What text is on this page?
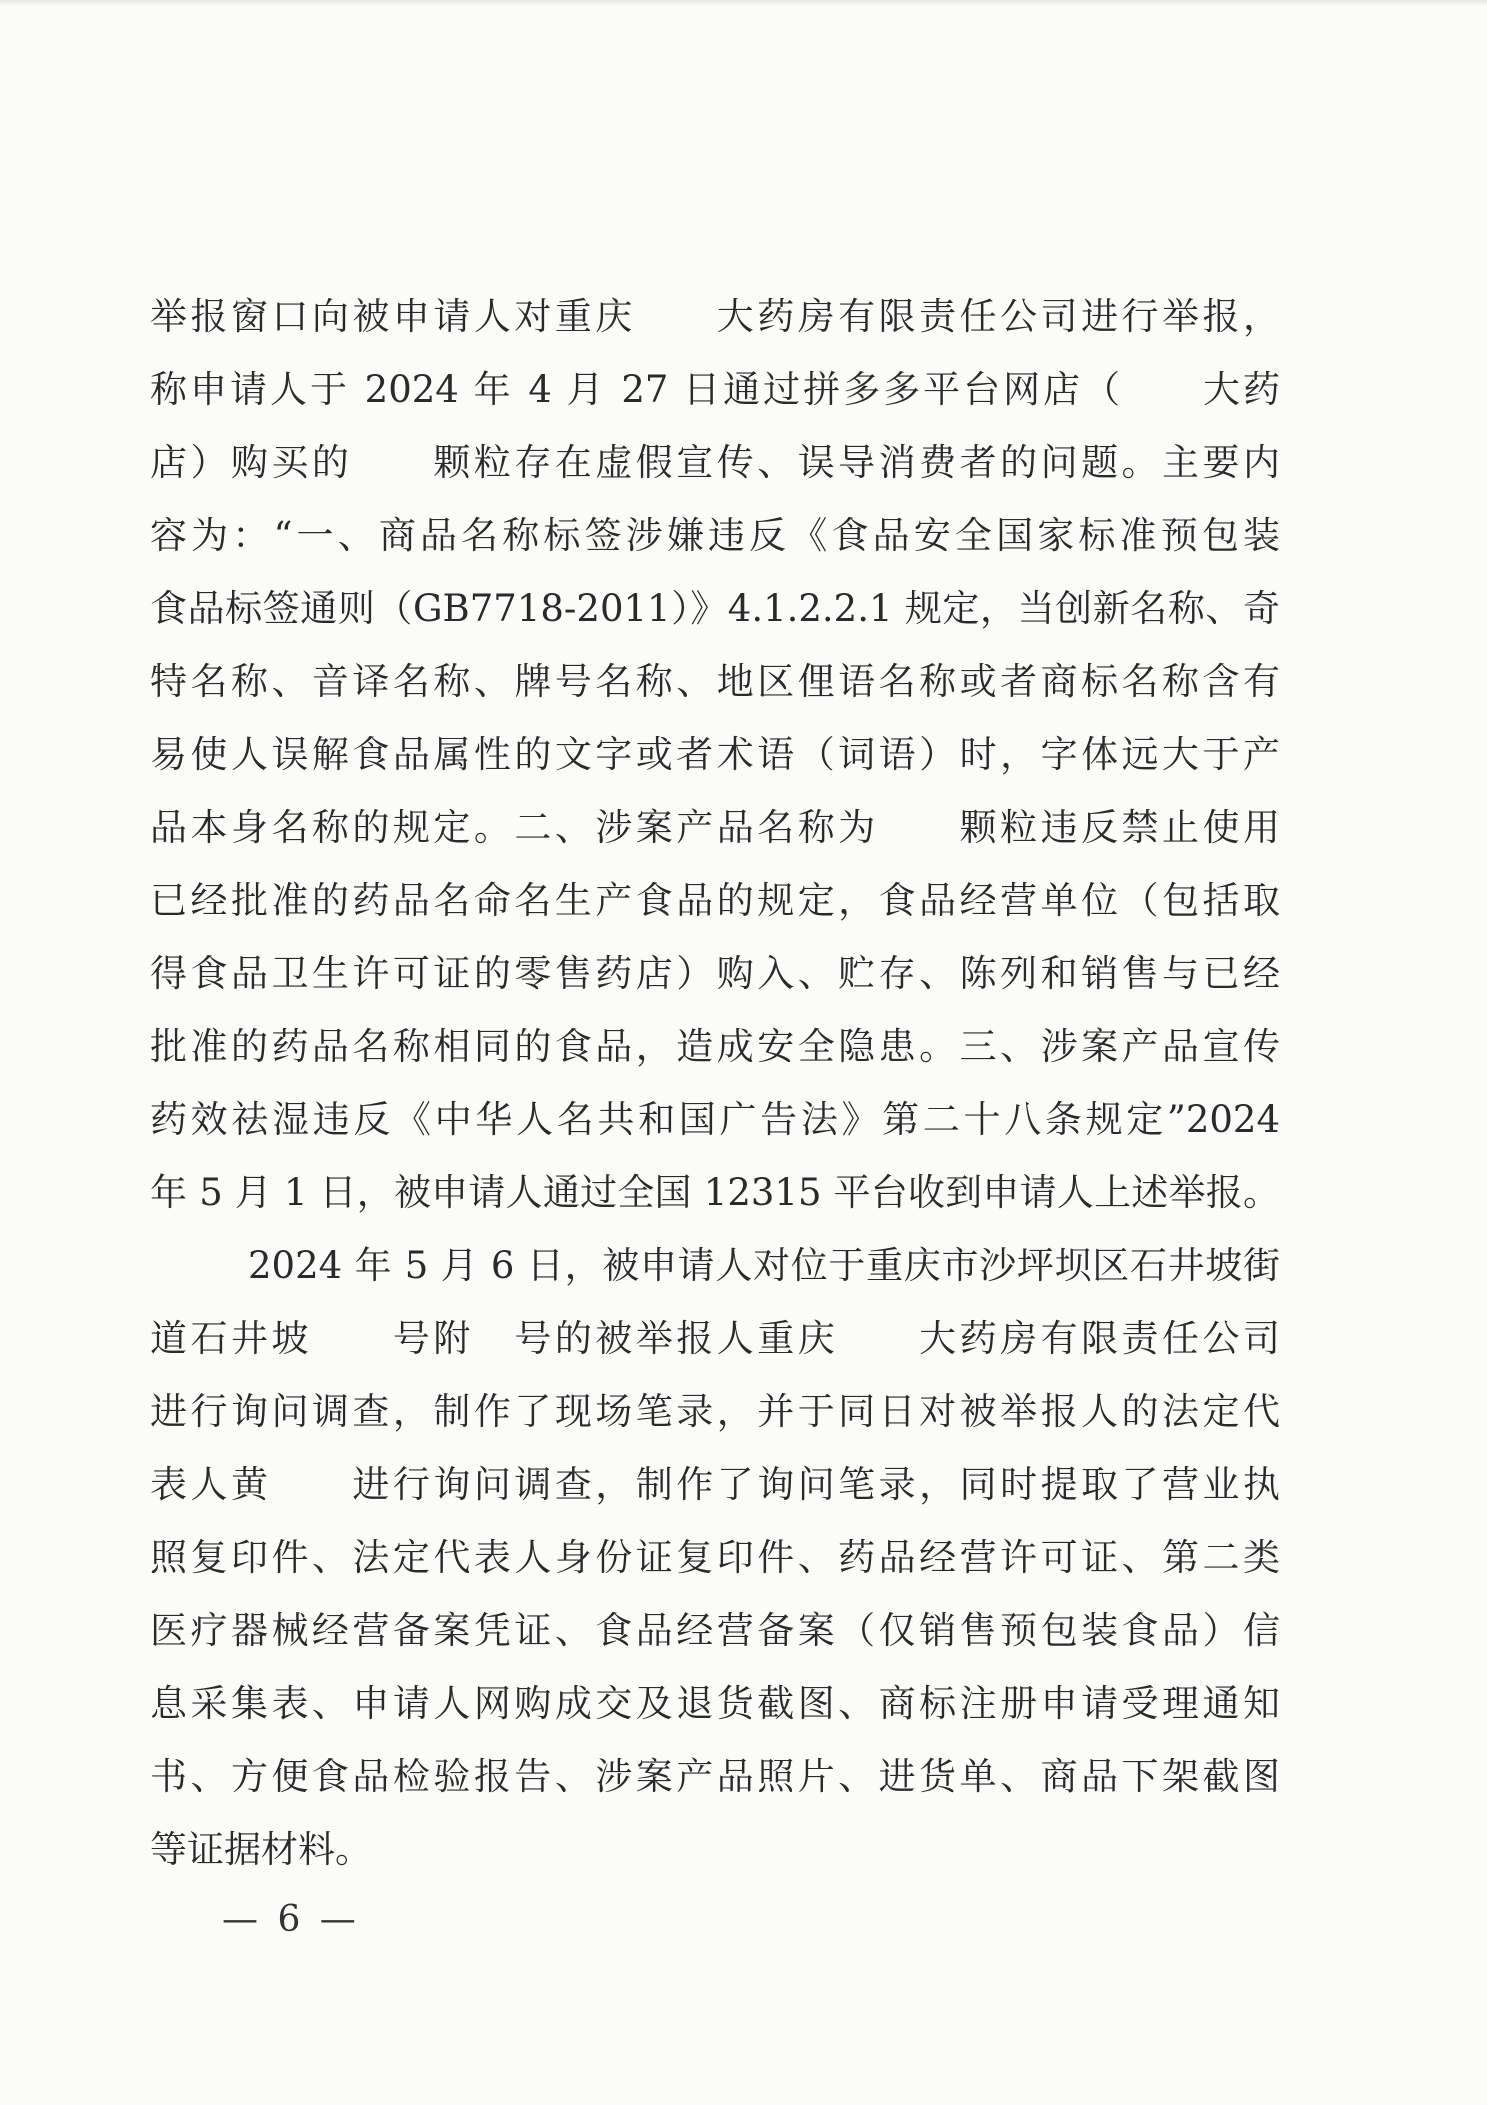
举报窗口向被申请人对重庆　　大药房有限责任公司进行举报，
称申请人于 2024 年 4 月 27 日通过拼多多平台网店（　　大药
店）购买的　　颗粒存在虚假宣传、误导消费者的问题。主要内
容为：“一、商品名称标签涉嫌违反《食品安全国家标准预包装
食品标签通则（GB7718-2011）》4.1.2.2.1 规定，当创新名称、奇
特名称、音译名称、牌号名称、地区俚语名称或者商标名称含有
易使人误解食品属性的文字或者术语（词语）时，字体远大于产
品本身名称的规定。二、涉案产品名称为　　颗粒违反禁止使用
已经批准的药品名命名生产食品的规定，食品经营单位（包括取
得食品卫生许可证的零售药店）购入、贮存、陈列和销售与已经
批准的药品名称相同的食品，造成安全隐患。三、涉案产品宣传
药效祛湿违反《中华人名共和国广告法》第二十八条规定”2024
年 5 月 1 日，被申请人通过全国 12315 平台收到申请人上述举报。
2024 年 5 月 6 日，被申请人对位于重庆市沙坪坝区石井坡街
道石井坡　　号附　号的被举报人重庆　　大药房有限责任公司
进行询问调查，制作了现场笔录，并于同日对被举报人的法定代
表人黄　　进行询问调查，制作了询问笔录，同时提取了营业执
照复印件、法定代表人身份证复印件、药品经营许可证、第二类
医疗器械经营备案凭证、食品经营备案（仅销售预包装食品）信
息采集表、申请人网购成交及退货截图、商标注册申请受理通知
书、方便食品检验报告、涉案产品照片、进货单、商品下架截图
等证据材料。
— 6 —
